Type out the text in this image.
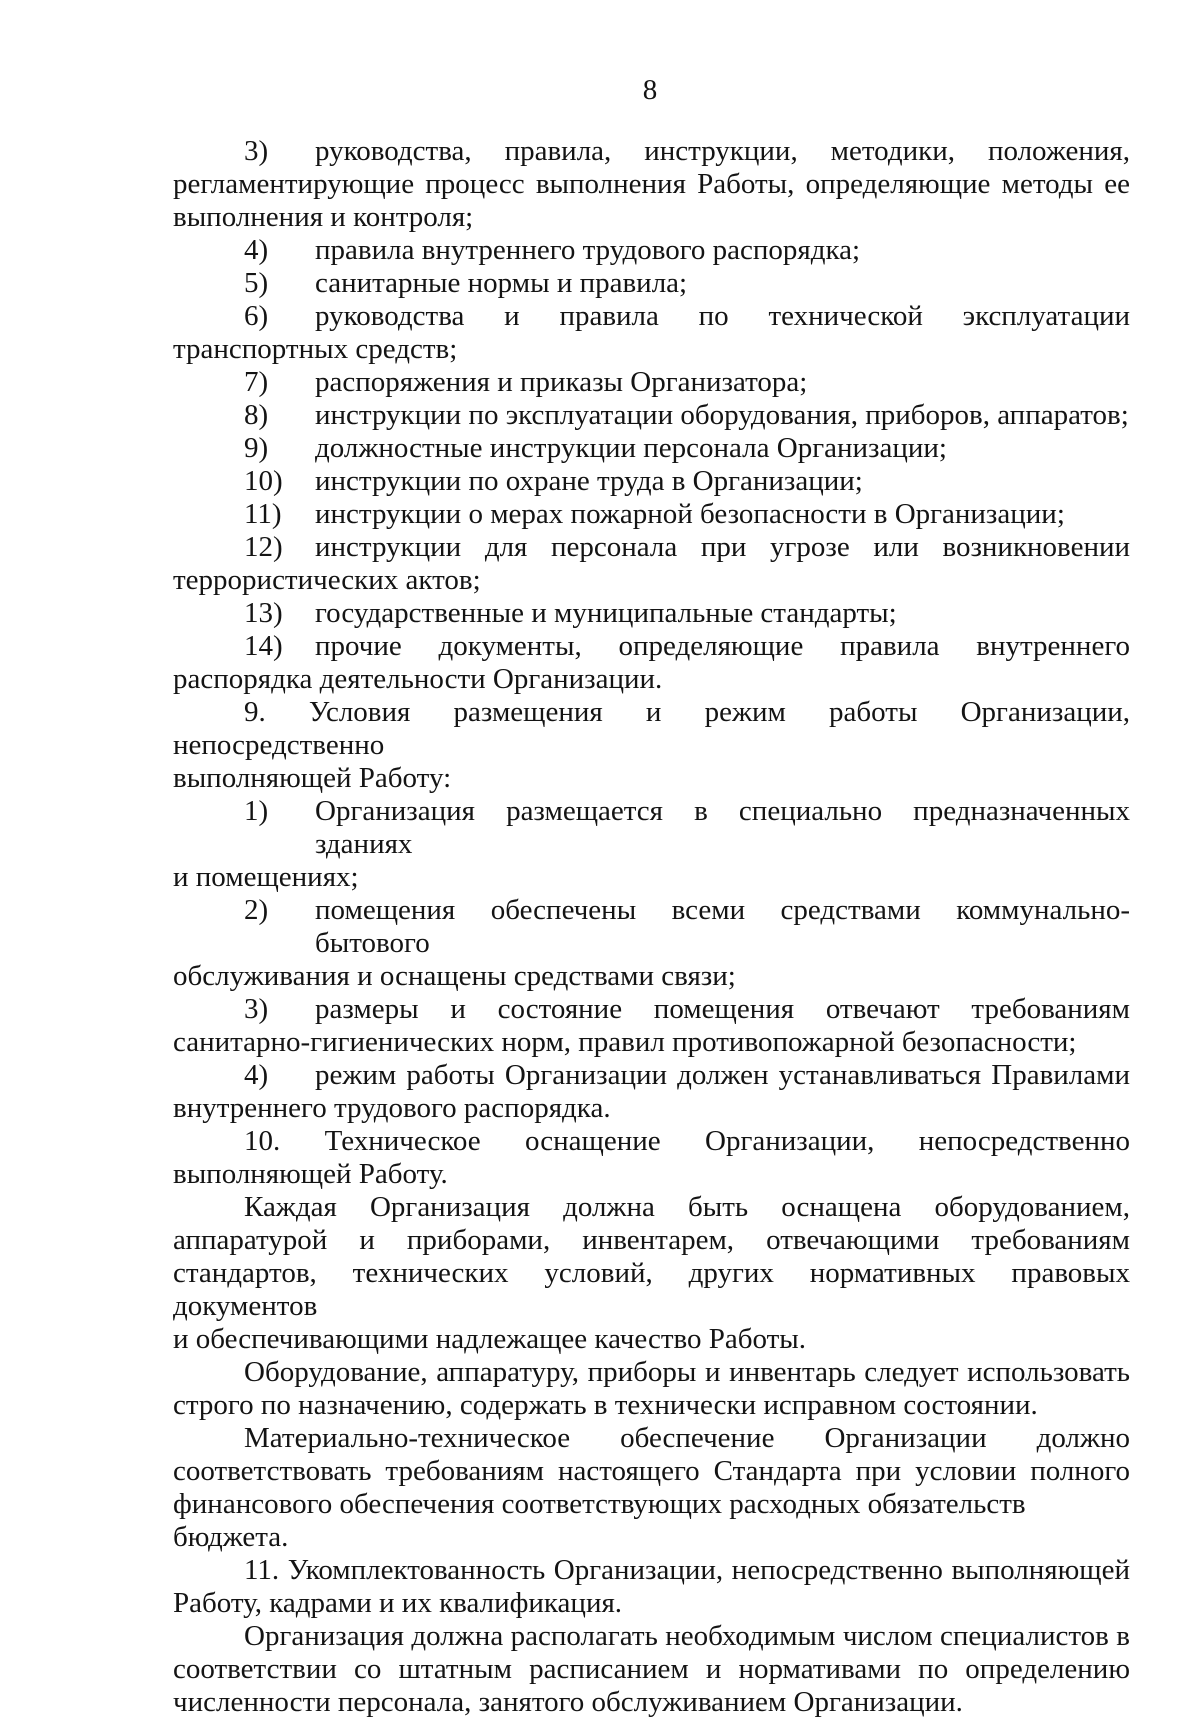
8
3)	руководства, правила, инструкции, методики, положения,
регламентирующие процесс выполнения Работы, определяющие методы ее
выполнения и контроля;
4)	правила внутреннего трудового распорядка;
5)	санитарные нормы и правила;
6)	руководства и правила по технической эксплуатации
транспортных средств;
7)	распоряжения и приказы Организатора;
8)	инструкции по эксплуатации оборудования, приборов, аппаратов;
9)	должностные инструкции персонала Организации;
10)	инструкции по охране труда в Организации;
11)	инструкции о мерах пожарной безопасности в Организации;
12)	инструкции для персонала при угрозе или возникновении
террористических актов;
13)	государственные и муниципальные стандарты;
14)	прочие документы, определяющие правила внутреннего
распорядка деятельности Организации.
9. Условия размещения и режим работы Организации, непосредственно
выполняющей Работу:
1)	Организация размещается в специально предназначенных зданиях
и помещениях;
2)	помещения обеспечены всеми средствами коммунально-бытового
обслуживания и оснащены средствами связи;
3)	размеры и состояние помещения отвечают требованиям
санитарно-гигиенических норм, правил противопожарной безопасности;
4)	режим работы Организации должен устанавливаться Правилами
внутреннего трудового распорядка.
10. Техническое оснащение Организации, непосредственно
выполняющей Работу.
Каждая Организация должна быть оснащена оборудованием,
аппаратурой и приборами, инвентарем, отвечающими требованиям
стандартов, технических условий, других нормативных правовых документов
и обеспечивающими надлежащее качество Работы.
Оборудование, аппаратуру, приборы и инвентарь следует использовать
строго по назначению, содержать в технически исправном состоянии.
Материально-техническое обеспечение Организации должно
соответствовать требованиям настоящего Стандарта при условии полного
финансового обеспечения соответствующих расходных обязательств бюджета.
11. Укомплектованность Организации, непосредственно выполняющей
Работу, кадрами и их квалификация.
Организация должна располагать необходимым числом специалистов в
соответствии со штатным расписанием и нормативами по определению
численности персонала, занятого обслуживанием Организации.
